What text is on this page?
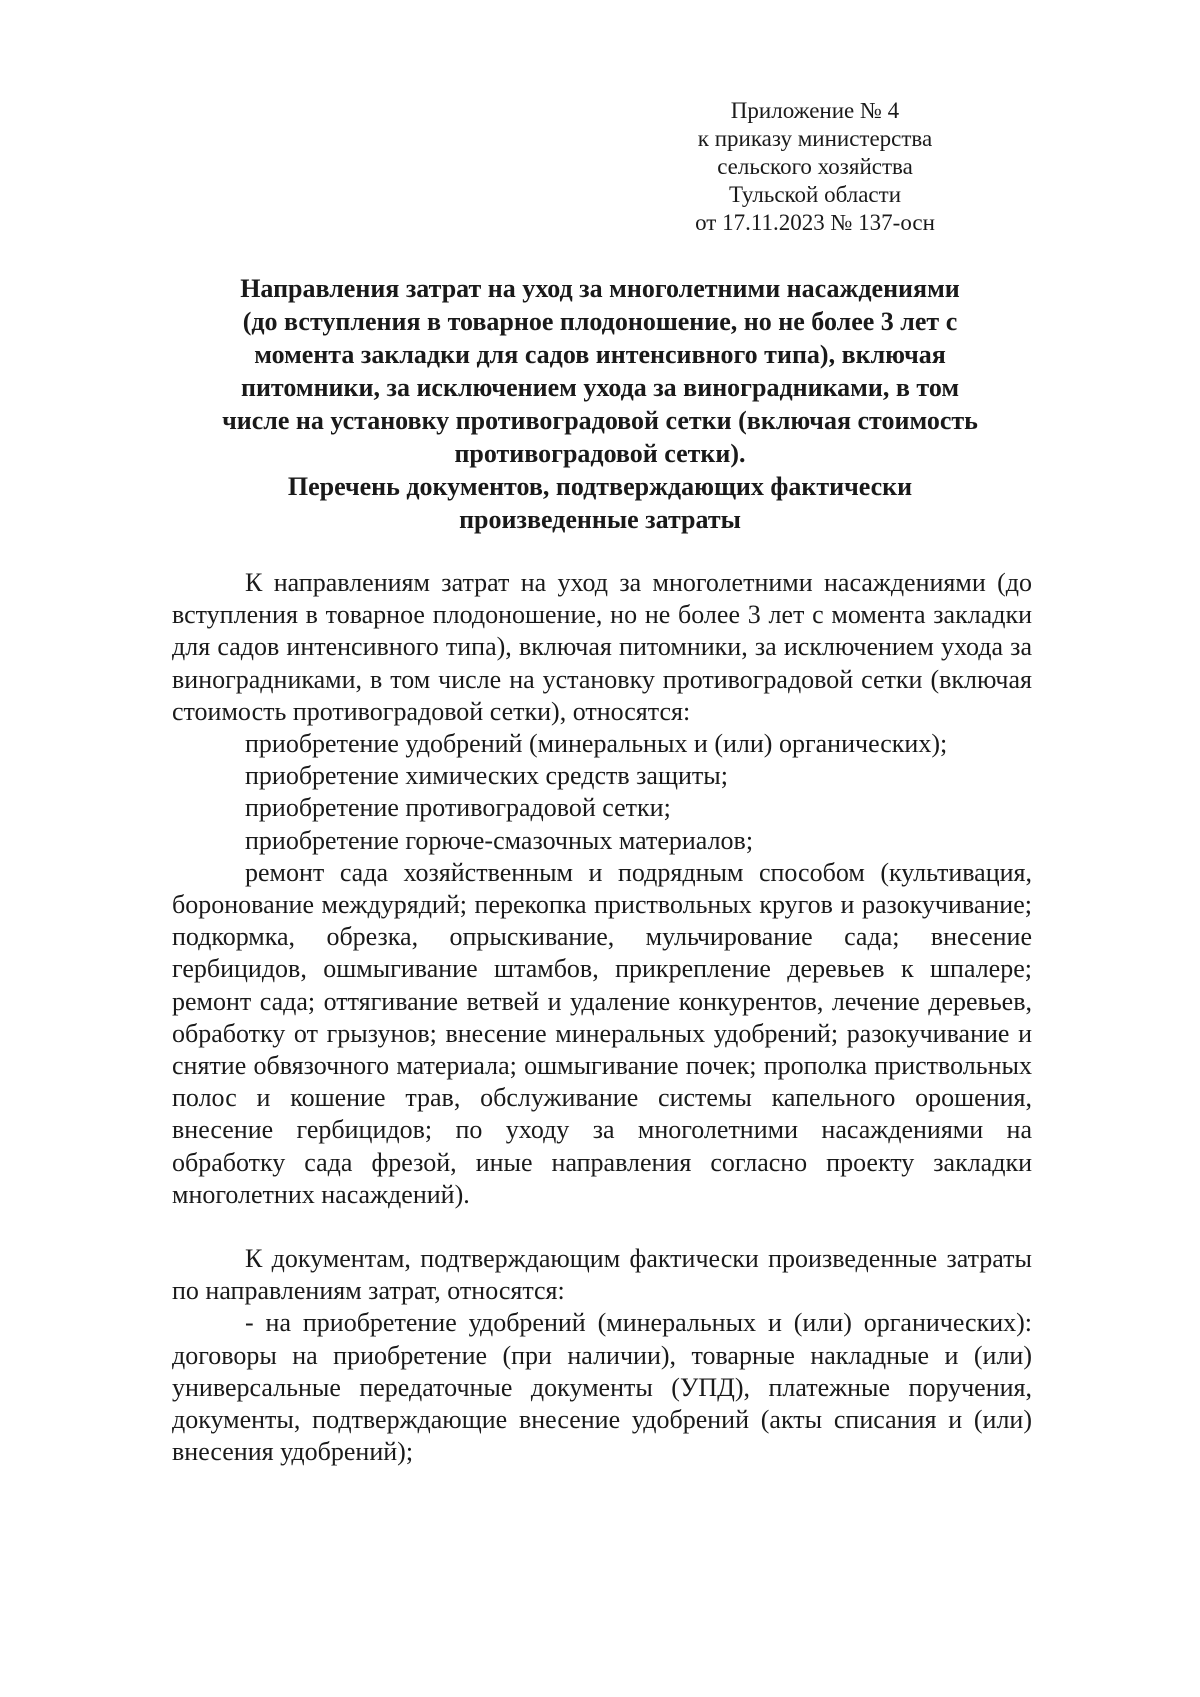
Приложение № 4
к приказу министерства
сельского хозяйства
Тульской области
от 17.11.2023 № 137-осн
Направления затрат на уход за многолетними насаждениями
(до вступления в товарное плодоношение, но не более 3 лет с
момента закладки для садов интенсивного типа), включая
питомники, за исключением ухода за виноградниками, в том
числе на установку противоградовой сетки (включая стоимость
противоградовой сетки).
Перечень документов, подтверждающих фактически
произведенные затраты

К направлениям затрат на уход за многолетними насаждениями (до вступления в товарное плодоношение, но не более 3 лет с момента закладки для садов интенсивного типа), включая питомники, за исключением ухода за виноградниками, в том числе на установку противоградовой сетки (включая стоимость противоградовой сетки), относятся:

приобретение удобрений (минеральных и (или) органических);

приобретение химических средств защиты;

приобретение противоградовой сетки;

приобретение горюче-смазочных материалов;

ремонт сада хозяйственным и подрядным способом (культивация, боронование междурядий; перекопка приствольных кругов и разокучивание; подкормка, обрезка, опрыскивание, мульчирование сада; внесение гербицидов, ошмыгивание штамбов, прикрепление деревьев к шпалере; ремонт сада; оттягивание ветвей и удаление конкурентов, лечение деревьев, обработку от грызунов; внесение минеральных удобрений; разокучивание и снятие обвязочного материала; ошмыгивание почек; прополка приствольных полос и кошение трав, обслуживание системы капельного орошения, внесение гербицидов; по уходу за многолетними насаждениями на обработку сада фрезой, иные направления согласно проекту закладки многолетних насаждений).

К документам, подтверждающим фактически произведенные затраты по направлениям затрат, относятся:

- на приобретение удобрений (минеральных и (или) органических): договоры на приобретение (при наличии), товарные накладные и (или) универсальные передаточные документы (УПД), платежные поручения, документы, подтверждающие внесение удобрений (акты списания и (или) внесения удобрений);
